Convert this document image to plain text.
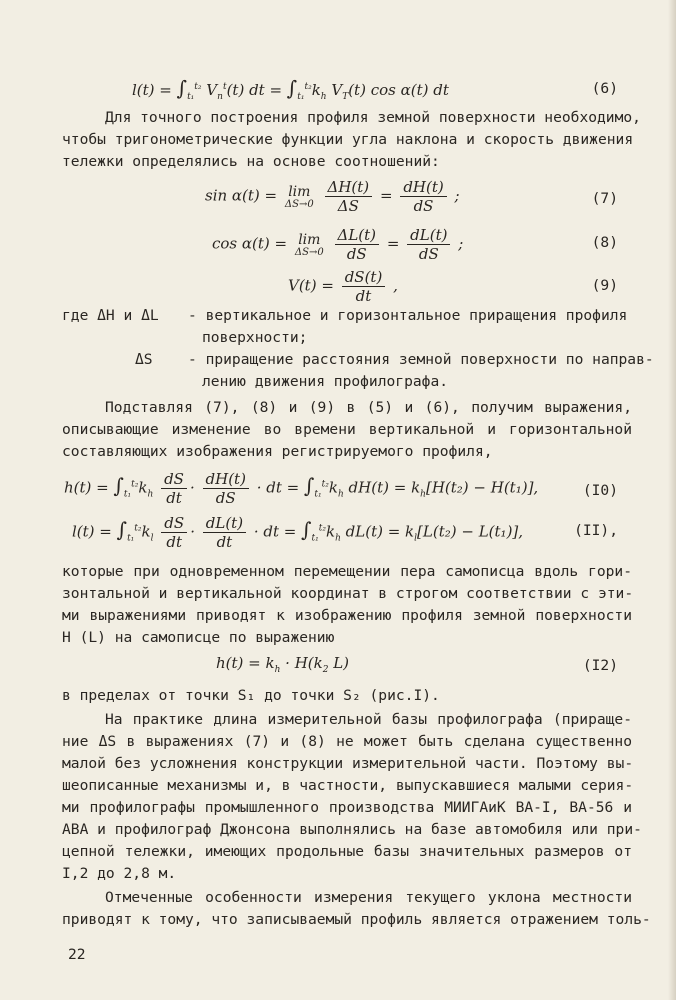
$l(t) = \int_{t_1}^{t_2}$ $V_n^t(t)$ dt = $\int_{t_1}^{t_2}k_h$ $V_T(t)$ cos α(t) dt	(6)
Для точного построения профиля земной поверхности необходимо,
чтобы тригонометрические функции угла наклона и скорость движения
тележки определялись на основе соотношений:
sin α(t) = lim
ΔS→0
$\frac{\Delta H(t)}{\Delta S} = \frac{dH(t)}{dS}$ ;	(7)
cos α(t) = lim
ΔS→0
$\frac{\Delta L(t)}{dS} = \frac{dL(t)}{dS}$ ;	(8)
$V(t) = \frac{dS(t)}{dt}$ ,	(9)
где ΔH и ΔL	- вертикальное и горизонтальное приращения профиля
поверхности;
ΔS	- приращение расстояния земной поверхности по направ-
лению движения профилографа.
Подставляя (7), (8) и (9) в (5) и (6), получим выражения,
описывающие изменение во времени вертикальной и горизонтальной
составляющих изображения регистрируемого профиля,
$h(t) = \int_{t_1}^{t_2}k_h \frac{dS}{dt} \cdot \frac{dH(t)}{dS}$ · dt = $\int_{t_1}^{t_2}k_h$ $dH(t) = k_h[H(t_2) - H(t_1)]$,	(I0)
$l(t) = \int_{t_1}^{t_2}k_l \frac{dS}{dt} \cdot \frac{dL(t)}{dt}$ · dt = $\int_{t_1}^{t_2}k_h$ $dL(t) = k_l[L(t_2) - L(t_1)]$,	(II),
которые при одновременном перемещении пера самописца вдоль гори-
зонтальной и вертикальной координат в строгом соответствии с эти-
ми выражениями приводят к изображению профиля земной поверхности
H (L) на самописце по выражению
$h(t) = k_h \cdot H(k_2$ L)	(I2)
в пределах от точки S₁ до точки S₂ (рис.I).
На практике длина измерительной базы профилографа (прираще-
ние ΔS в выражениях (7) и (8) не может быть сделана существенно
малой без усложнения конструкции измерительной части. Поэтому вы-
шеописанные механизмы и, в частности, выпускавшиеся малыми серия-
ми профилографы промышленного производства МИИГАиК ВА-I, ВА-56 и
АВА и профилограф Джонсона выполнялись на базе автомобиля или при-
цепной тележки, имеющих продольные базы значительных размеров от
I,2 до 2,8 м.
Отмеченные особенности измерения текущего уклона местности
приводят к тому, что записываемый профиль является отражением толь-
22
